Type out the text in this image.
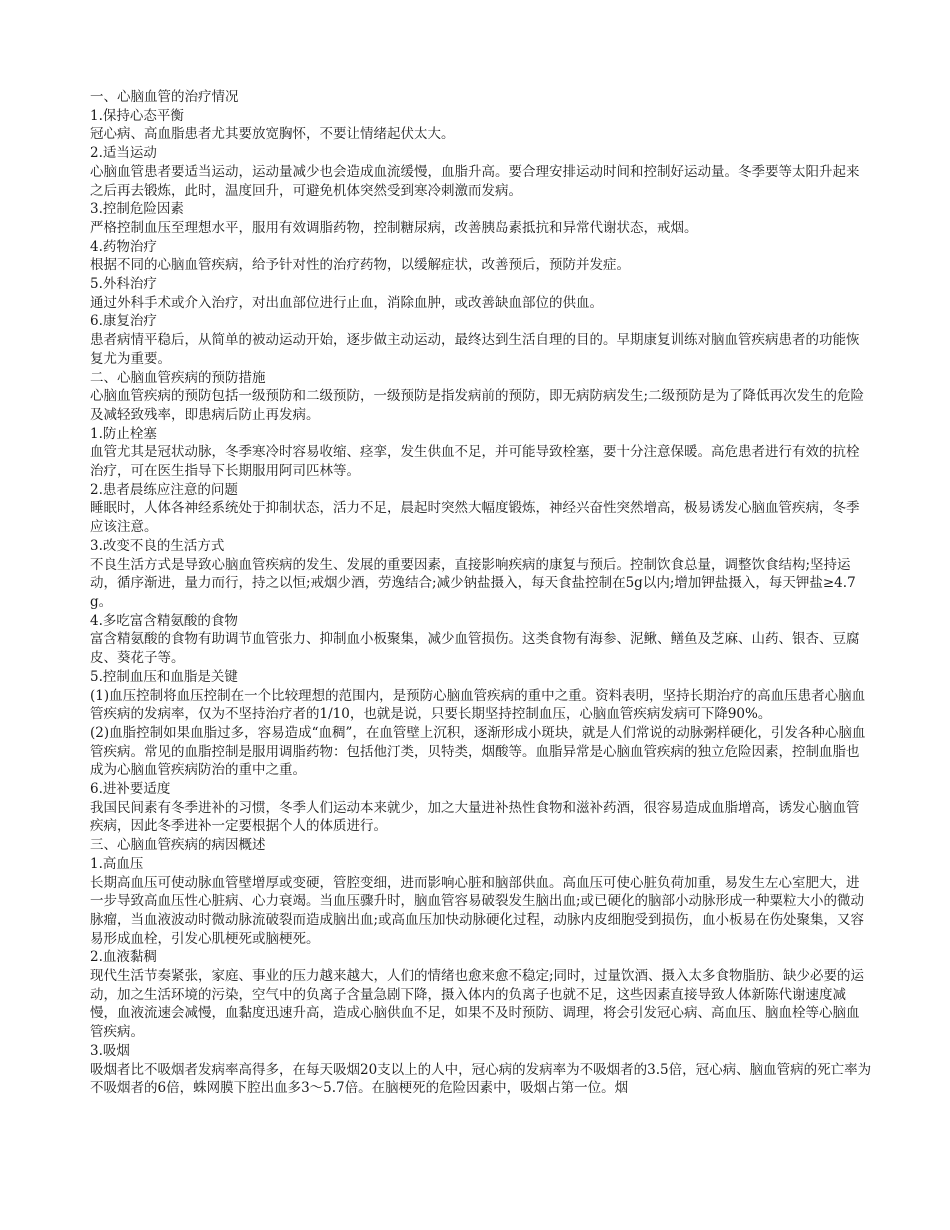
一、心脑血管的治疗情况

1.保持心态平衡

冠心病、高血脂患者尤其要放宽胸怀，不要让情绪起伏太大。

2.适当运动

心脑血管患者要适当运动，运动量减少也会造成血流缓慢，血脂升高。要合理安排运动时间和控制好运动量。冬季要等太阳升起来之后再去锻炼，此时，温度回升，可避免机体突然受到寒冷刺激而发病。

3.控制危险因素

严格控制血压至理想水平，服用有效调脂药物，控制糖尿病，改善胰岛素抵抗和异常代谢状态，戒烟。

4.药物治疗

根据不同的心脑血管疾病，给予针对性的治疗药物，以缓解症状，改善预后，预防并发症。

5.外科治疗

通过外科手术或介入治疗，对出血部位进行止血，消除血肿，或改善缺血部位的供血。

6.康复治疗

患者病情平稳后，从简单的被动运动开始，逐步做主动运动，最终达到生活自理的目的。早期康复训练对脑血管疾病患者的功能恢复尤为重要。

二、心脑血管疾病的预防措施

心脑血管疾病的预防包括一级预防和二级预防，一级预防是指发病前的预防，即无病防病发生;二级预防是为了降低再次发生的危险及减轻致残率，即患病后防止再发病。

1.防止栓塞

血管尤其是冠状动脉，冬季寒冷时容易收缩、痉挛，发生供血不足，并可能导致栓塞，要十分注意保暖。高危患者进行有效的抗栓治疗，可在医生指导下长期服用阿司匹林等。

2.患者晨练应注意的问题

睡眠时，人体各神经系统处于抑制状态，活力不足，晨起时突然大幅度锻炼，神经兴奋性突然增高，极易诱发心脑血管疾病，冬季应该注意。

3.改变不良的生活方式

不良生活方式是导致心脑血管疾病的发生、发展的重要因素，直接影响疾病的康复与预后。控制饮食总量，调整饮食结构;坚持运动，循序渐进，量力而行，持之以恒;戒烟少酒，劳逸结合;减少钠盐摄入，每天食盐控制在5g以内;增加钾盐摄入，每天钾盐≥4.7g。

4.多吃富含精氨酸的食物

富含精氨酸的食物有助调节血管张力、抑制血小板聚集，减少血管损伤。这类食物有海参、泥鳅、鳝鱼及芝麻、山药、银杏、豆腐皮、葵花子等。

5.控制血压和血脂是关键

(1)血压控制将血压控制在一个比较理想的范围内，是预防心脑血管疾病的重中之重。资料表明，坚持长期治疗的高血压患者心脑血管疾病的发病率，仅为不坚持治疗者的1/10，也就是说，只要长期坚持控制血压，心脑血管疾病发病可下降90%。

(2)血脂控制如果血脂过多，容易造成“血稠”，在血管壁上沉积，逐渐形成小斑块，就是人们常说的动脉粥样硬化，引发各种心脑血管疾病。常见的血脂控制是服用调脂药物：包括他汀类，贝特类，烟酸等。血脂异常是心脑血管疾病的独立危险因素，控制血脂也成为心脑血管疾病防治的重中之重。

6.进补要适度

我国民间素有冬季进补的习惯，冬季人们运动本来就少，加之大量进补热性食物和滋补药酒，很容易造成血脂增高，诱发心脑血管疾病，因此冬季进补一定要根据个人的体质进行。

三、心脑血管疾病的病因概述

1.高血压

长期高血压可使动脉血管壁增厚或变硬，管腔变细，进而影响心脏和脑部供血。高血压可使心脏负荷加重，易发生左心室肥大，进一步导致高血压性心脏病、心力衰竭。当血压骤升时，脑血管容易破裂发生脑出血;或已硬化的脑部小动脉形成一种粟粒大小的微动脉瘤，当血液波动时微动脉流破裂而造成脑出血;或高血压加快动脉硬化过程，动脉内皮细胞受到损伤，血小板易在伤处聚集，又容易形成血栓，引发心肌梗死或脑梗死。

2.血液黏稠

现代生活节奏紧张，家庭、事业的压力越来越大，人们的情绪也愈来愈不稳定;同时，过量饮酒、摄入太多食物脂肪、缺少必要的运动，加之生活环境的污染，空气中的负离子含量急剧下降，摄入体内的负离子也就不足，这些因素直接导致人体新陈代谢速度减慢，血液流速会减慢，血黏度迅速升高，造成心脑供血不足，如果不及时预防、调理，将会引发冠心病、高血压、脑血栓等心脑血管疾病。

3.吸烟

吸烟者比不吸烟者发病率高得多，在每天吸烟20支以上的人中，冠心病的发病率为不吸烟者的3.5倍，冠心病、脑血管病的死亡率为不吸烟者的6倍，蛛网膜下腔出血多3～5.7倍。在脑梗死的危险因素中，吸烟占第一位。烟
